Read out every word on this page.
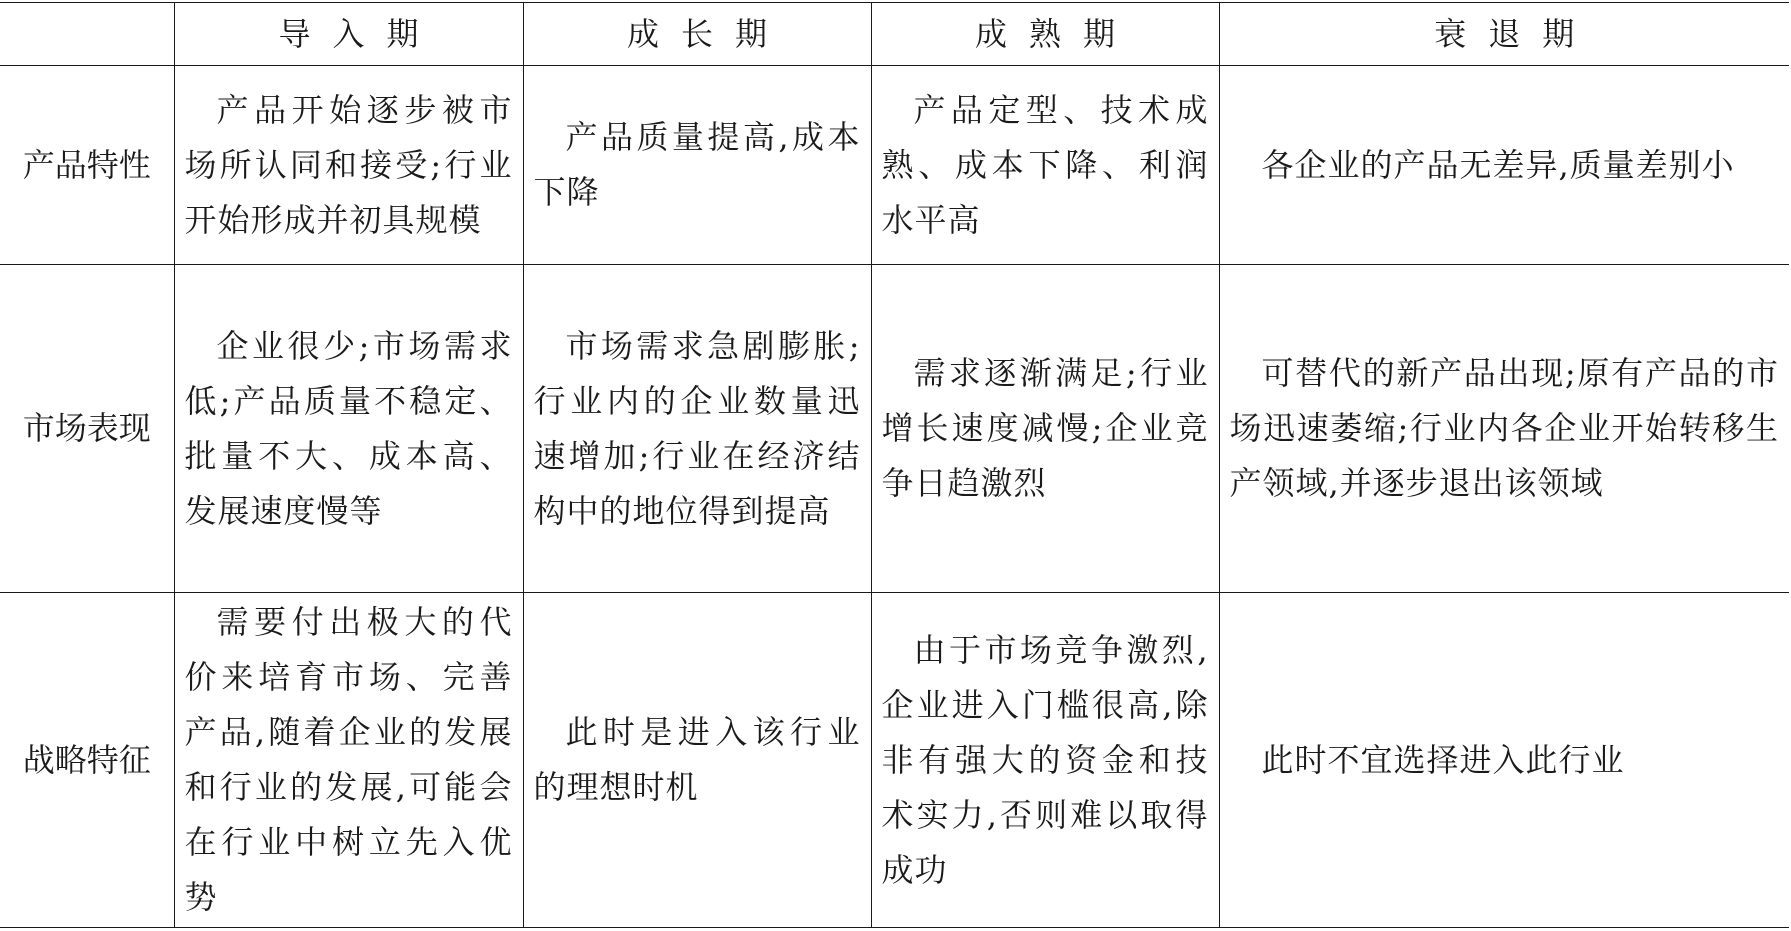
	导入期	成长期	成熟期	衰退期
产品特性	产品开始逐步被市场所认同和接受;行业开始形成并初具规模	产品质量提高,成本下降	产品定型、技术成熟、成本下降、利润水平高	各企业的产品无差异,质量差别小
市场表现	企业很少;市场需求低;产品质量不稳定、批量不大、成本高、发展速度慢等	市场需求急剧膨胀;行业内的企业数量迅速增加;行业在经济结构中的地位得到提高	需求逐渐满足;行业增长速度减慢;企业竞争日趋激烈	可替代的新产品出现;原有产品的市场迅速萎缩;行业内各企业开始转移生产领域,并逐步退出该领域
战略特征	需要付出极大的代价来培育市场、完善产品,随着企业的发展和行业的发展,可能会在行业中树立先入优势	此时是进入该行业的理想时机	由于市场竞争激烈,企业进入门槛很高,除非有强大的资金和技术实力,否则难以取得成功	此时不宜选择进入此行业
